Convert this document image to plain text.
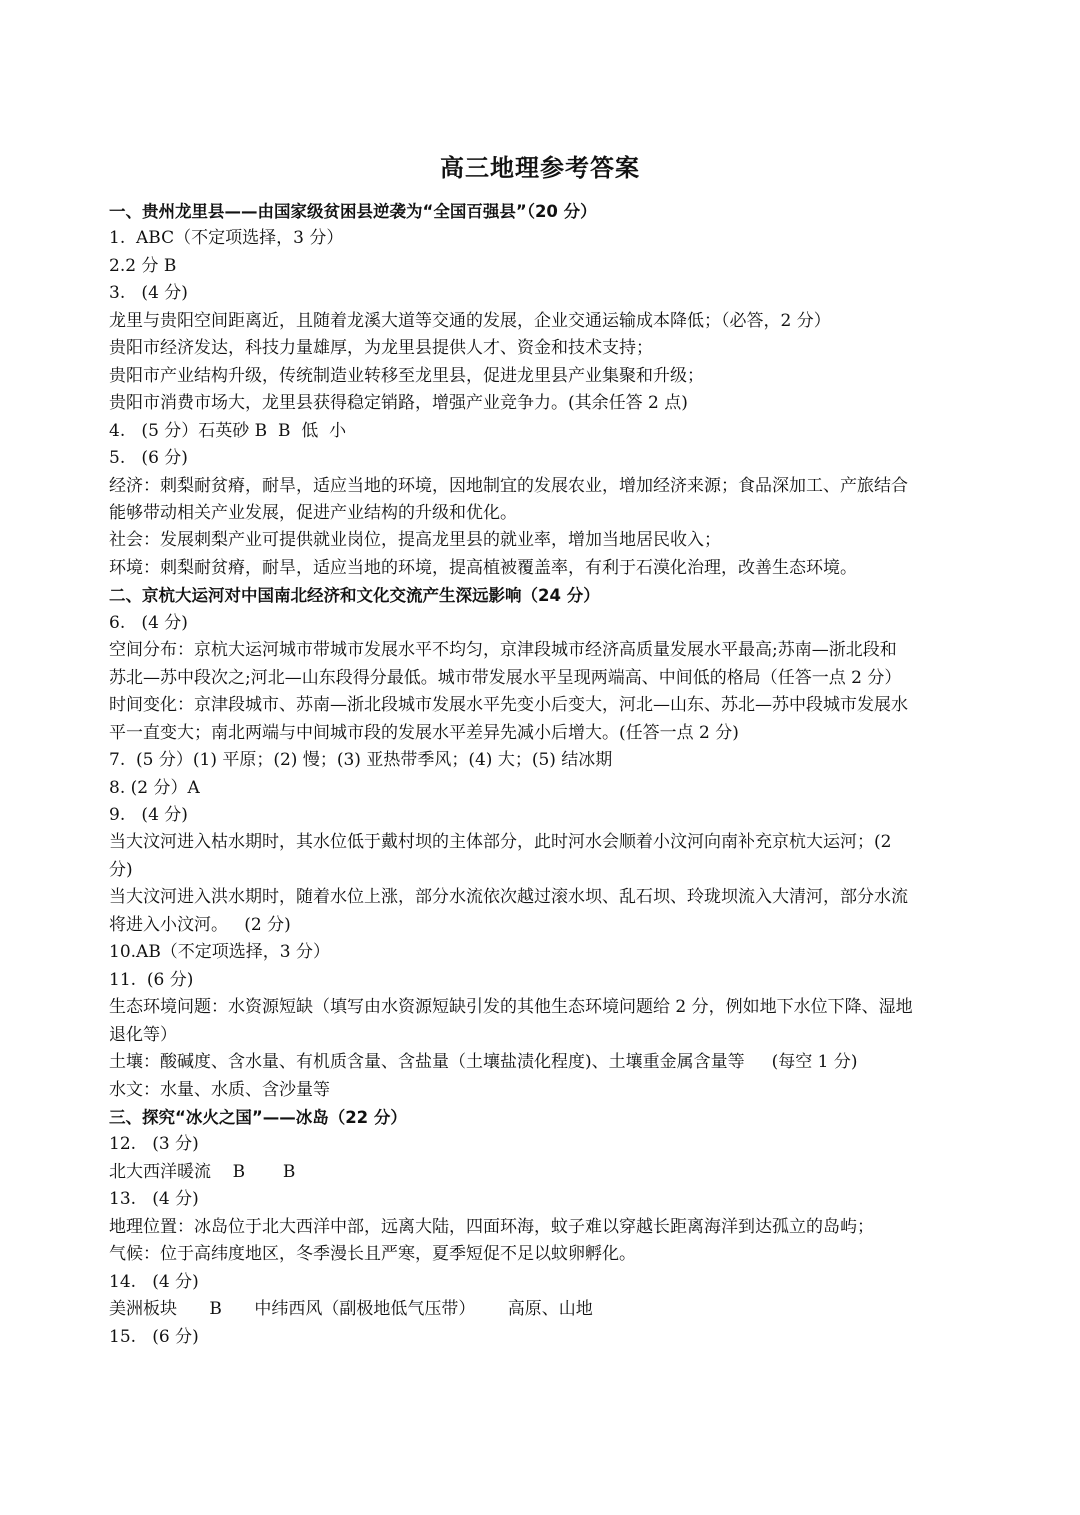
高三地理参考答案
一、贵州龙里县——由国家级贫困县逆袭为“全国百强县”（20 分）
1.  ABC（不定项选择，3 分）
2.2 分 B
3.   (4 分)
龙里与贵阳空间距离近，且随着龙溪大道等交通的发展，企业交通运输成本降低；（必答，2 分）
贵阳市经济发达，科技力量雄厚，为龙里县提供人才、资金和技术支持；
贵阳市产业结构升级，传统制造业转移至龙里县，促进龙里县产业集聚和升级；
贵阳市消费市场大，龙里县获得稳定销路，增强产业竞争力。(其余任答 2 点)
4.   (5 分）石英砂 B  B  低  小
5.   (6 分)
经济：刺梨耐贫瘠，耐旱，适应当地的环境，因地制宜的发展农业，增加经济来源；食品深加工、产旅结合
能够带动相关产业发展，促进产业结构的升级和优化。
社会：发展刺梨产业可提供就业岗位，提高龙里县的就业率，增加当地居民收入；
环境：刺梨耐贫瘠，耐旱，适应当地的环境，提高植被覆盖率，有利于石漠化治理，改善生态环境。
二、京杭大运河对中国南北经济和文化交流产生深远影响（24 分）
6.   (4 分)
空间分布：京杭大运河城市带城市发展水平不均匀，京津段城市经济高质量发展水平最高;苏南—浙北段和
苏北—苏中段次之;河北—山东段得分最低。城市带发展水平呈现两端高、中间低的格局（任答一点 2 分）
时间变化：京津段城市、苏南—浙北段城市发展水平先变小后变大，河北—山东、苏北—苏中段城市发展水
平一直变大；南北两端与中间城市段的发展水平差异先减小后增大。(任答一点 2 分)
7.  (5 分）(1) 平原；(2) 慢；(3) 亚热带季风；(4) 大；(5) 结冰期
8. (2 分）A
9.   (4 分)
当大汶河进入枯水期时，其水位低于戴村坝的主体部分，此时河水会顺着小汶河向南补充京杭大运河；(2
分)
当大汶河进入洪水期时，随着水位上涨，部分水流依次越过滚水坝、乱石坝、玲珑坝流入大清河，部分水流
将进入小汶河。   (2 分)
10.AB（不定项选择，3 分）
11.  (6 分)
生态环境问题：水资源短缺（填写由水资源短缺引发的其他生态环境问题给 2 分，例如地下水位下降、湿地
退化等）
土壤：酸碱度、含水量、有机质含量、含盐量（土壤盐渍化程度)、土壤重金属含量等     (每空 1 分)
水文：水量、水质、含沙量等
三、探究“冰火之国”——冰岛（22 分）
12.   (3 分)
北大西洋暖流    B       B
13.   (4 分)
地理位置：冰岛位于北大西洋中部，远离大陆，四面环海，蚊子难以穿越长距离海洋到达孤立的岛屿；
气候：位于高纬度地区，冬季漫长且严寒，夏季短促不足以蚊卵孵化。
14.   (4 分)
美洲板块      B      中纬西风（副极地低气压带）      高原、山地
15.   (6 分)
